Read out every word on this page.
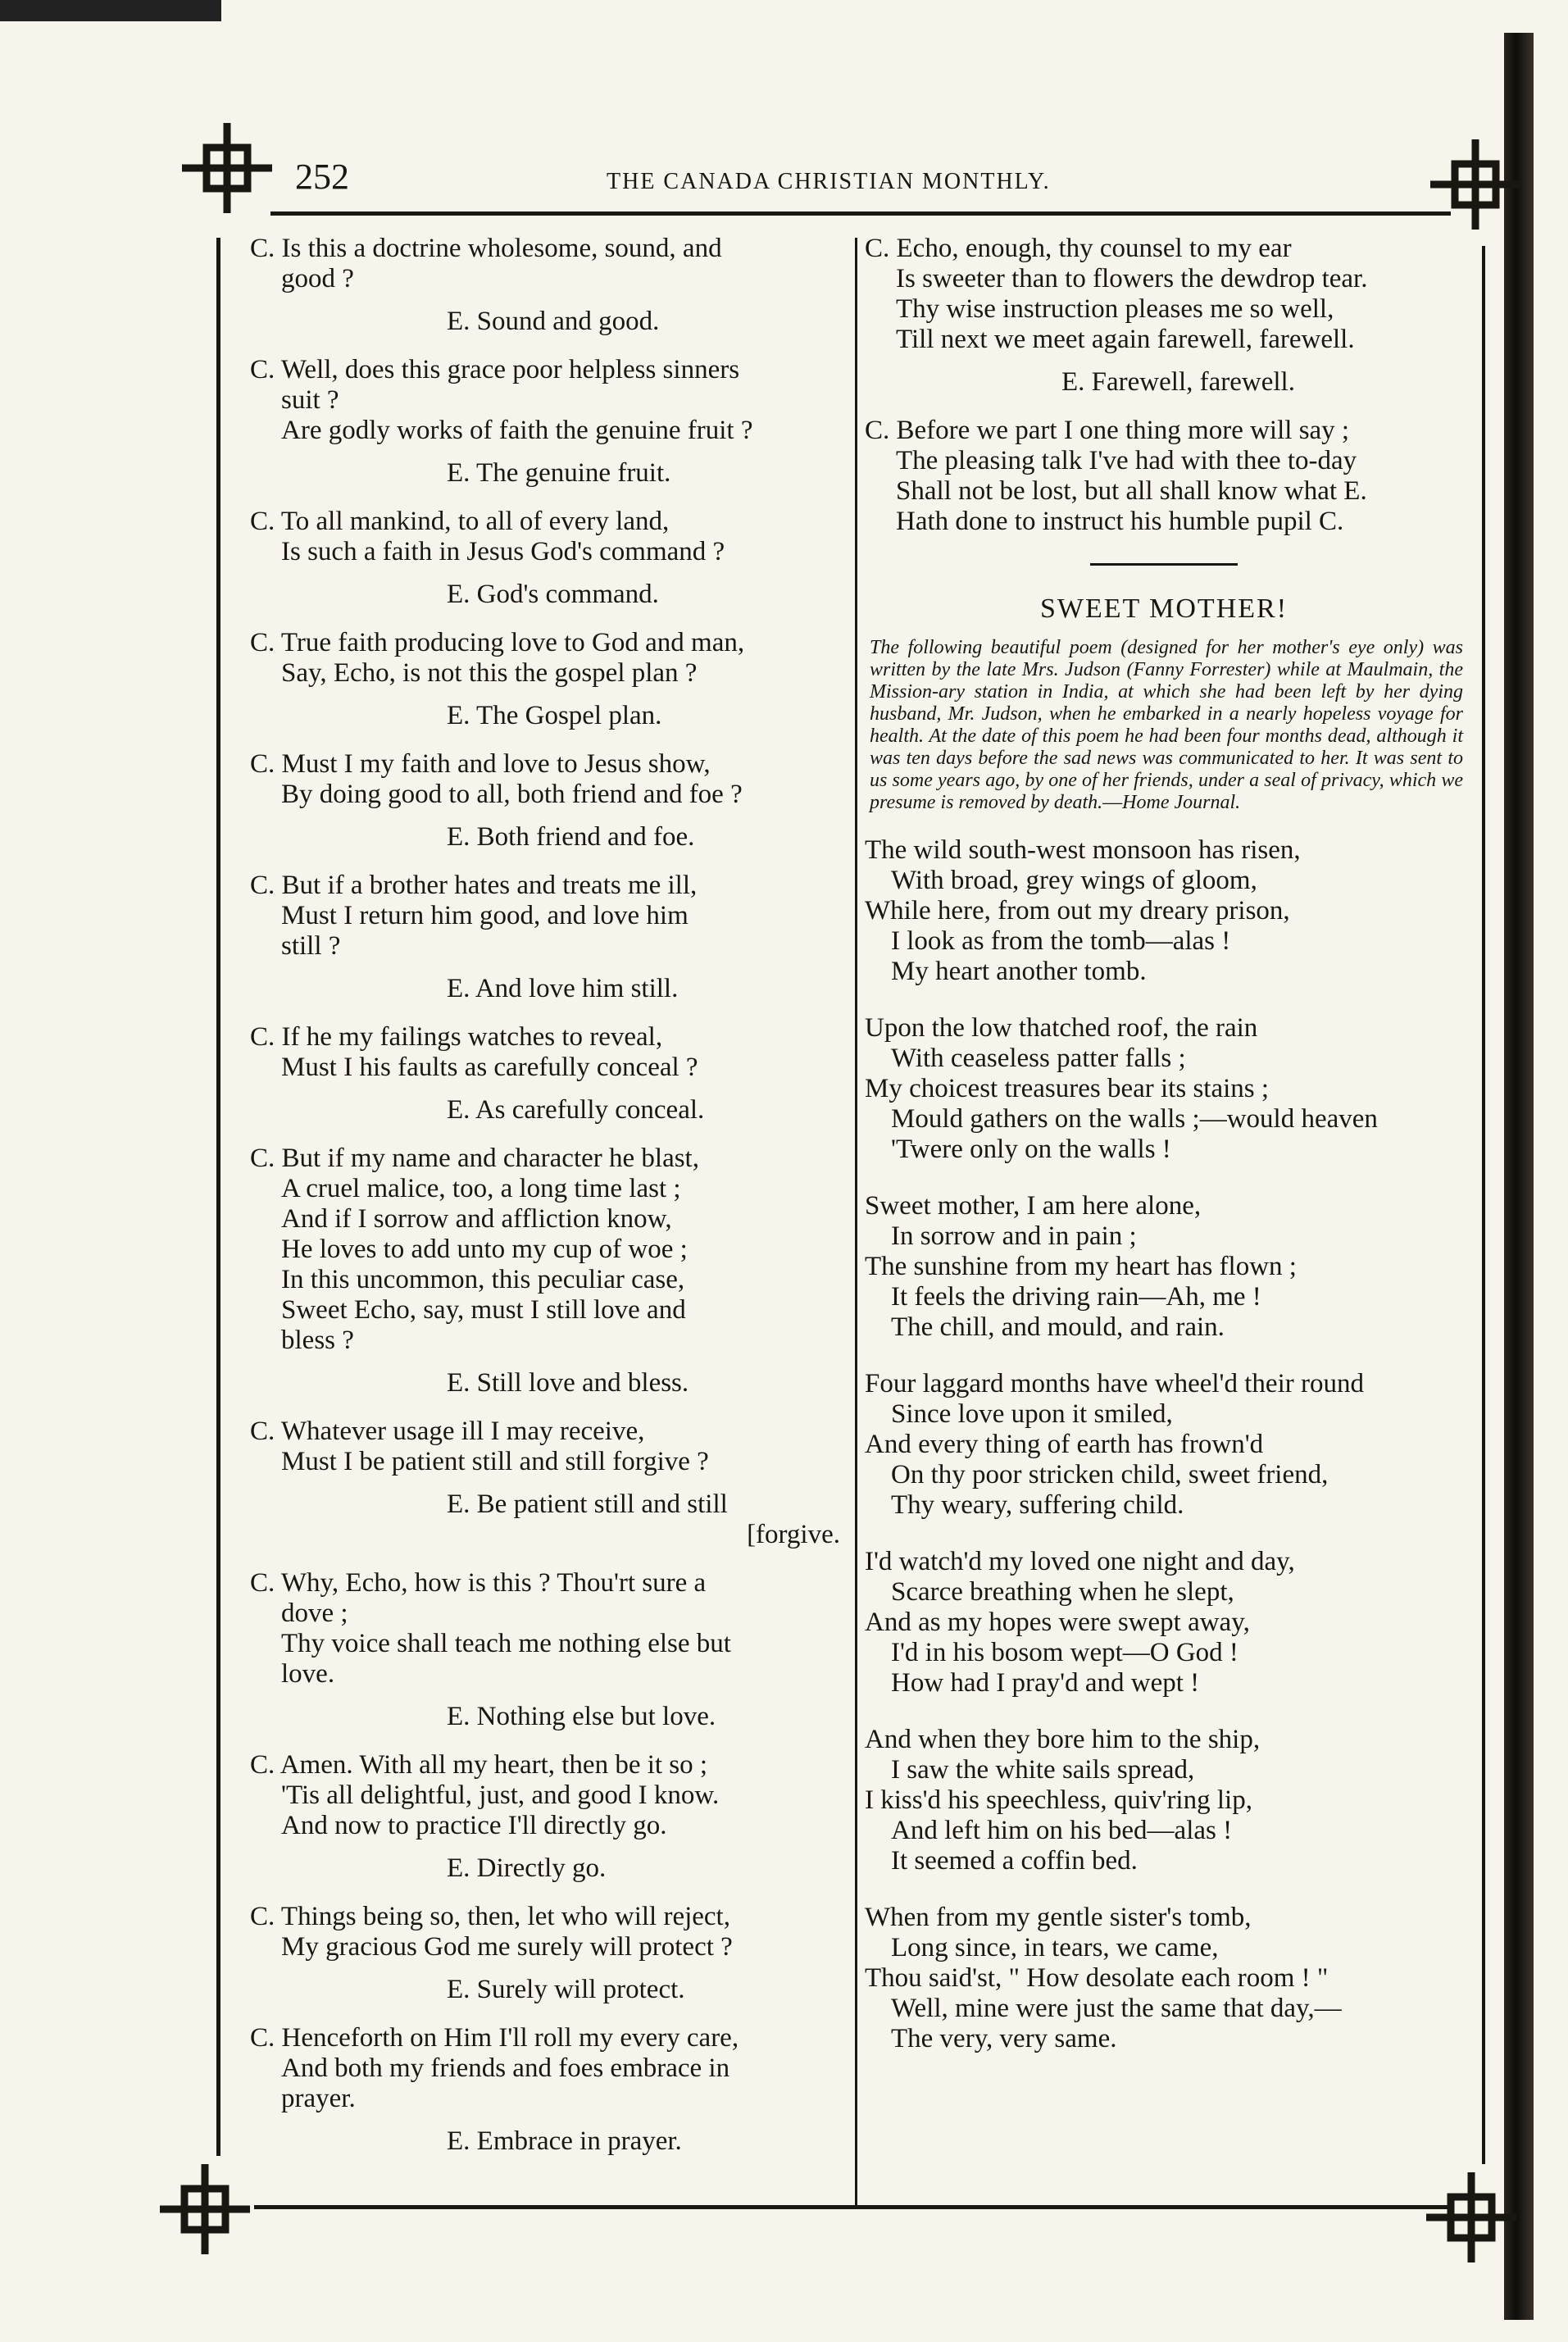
252	THE CANADA CHRISTIAN MONTHLY.
C. Is this a doctrine wholesome, sound, and
good ?
E. Sound and good.
C. Well, does this grace poor helpless sinners
suit ?
Are godly works of faith the genuine fruit ?
E. The genuine fruit.
C. To all mankind, to all of every land,
Is such a faith in Jesus God's command ?
E. God's command.
C. True faith producing love to God and man,
Say, Echo, is not this the gospel plan ?
E. The Gospel plan.
C. Must I my faith and love to Jesus show,
By doing good to all, both friend and foe ?
E. Both friend and foe.
C. But if a brother hates and treats me ill,
Must I return him good, and love him
still ?
E. And love him still.
C. If he my failings watches to reveal,
Must I his faults as carefully conceal ?
E. As carefully conceal.
C. But if my name and character he blast,
A cruel malice, too, a long time last ;
And if I sorrow and affliction know,
He loves to add unto my cup of woe ;
In this uncommon, this peculiar case,
Sweet Echo, say, must I still love and
bless ?
E. Still love and bless.
C. Whatever usage ill I may receive,
Must I be patient still and still forgive ?
E. Be patient still and still
[forgive.
C. Why, Echo, how is this ? Thou'rt sure a
dove ;
Thy voice shall teach me nothing else but
love.
E. Nothing else but love.
C. Amen. With all my heart, then be it so ;
'Tis all delightful, just, and good I know.
And now to practice I'll directly go.
E. Directly go.
C. Things being so, then, let who will reject,
My gracious God me surely will protect ?
E. Surely will protect.
C. Henceforth on Him I'll roll my every care,
And both my friends and foes embrace in
prayer.
E. Embrace in prayer.
C. Echo, enough, thy counsel to my ear
Is sweeter than to flowers the dewdrop tear.
Thy wise instruction pleases me so well,
Till next we meet again farewell, farewell.
E. Farewell, farewell.
C. Before we part I one thing more will say ;
The pleasing talk I've had with thee to-day
Shall not be lost, but all shall know what E.
Hath done to instruct his humble pupil C.
SWEET MOTHER!
The following beautiful poem (designed for her mother's eye only) was written by the late Mrs. Judson (Fanny Forrester) while at Maulmain, the Mission-ary station in India, at which she had been left by her dying husband, Mr. Judson, when he embarked in a nearly hopeless voyage for health. At the date of this poem he had been four months dead, although it was ten days before the sad news was communicated to her. It was sent to us some years ago, by one of her friends, under a seal of privacy, which we presume is removed by death.—Home Journal.
The wild south-west monsoon has risen,
With broad, grey wings of gloom,
While here, from out my dreary prison,
I look as from the tomb—alas !
My heart another tomb.
Upon the low thatched roof, the rain
With ceaseless patter falls ;
My choicest treasures bear its stains ;
Mould gathers on the walls ;—would heaven
'Twere only on the walls !
Sweet mother, I am here alone,
In sorrow and in pain ;
The sunshine from my heart has flown ;
It feels the driving rain—Ah, me !
The chill, and mould, and rain.
Four laggard months have wheel'd their round
Since love upon it smiled,
And every thing of earth has frown'd
On thy poor stricken child, sweet friend,
Thy weary, suffering child.
I'd watch'd my loved one night and day,
Scarce breathing when he slept,
And as my hopes were swept away,
I'd in his bosom wept—O God !
How had I pray'd and wept !
And when they bore him to the ship,
I saw the white sails spread,
I kiss'd his speechless, quiv'ring lip,
And left him on his bed—alas !
It seemed a coffin bed.
When from my gentle sister's tomb,
Long since, in tears, we came,
Thou said'st, " How desolate each room ! "
Well, mine were just the same that day,—
The very, very same.
